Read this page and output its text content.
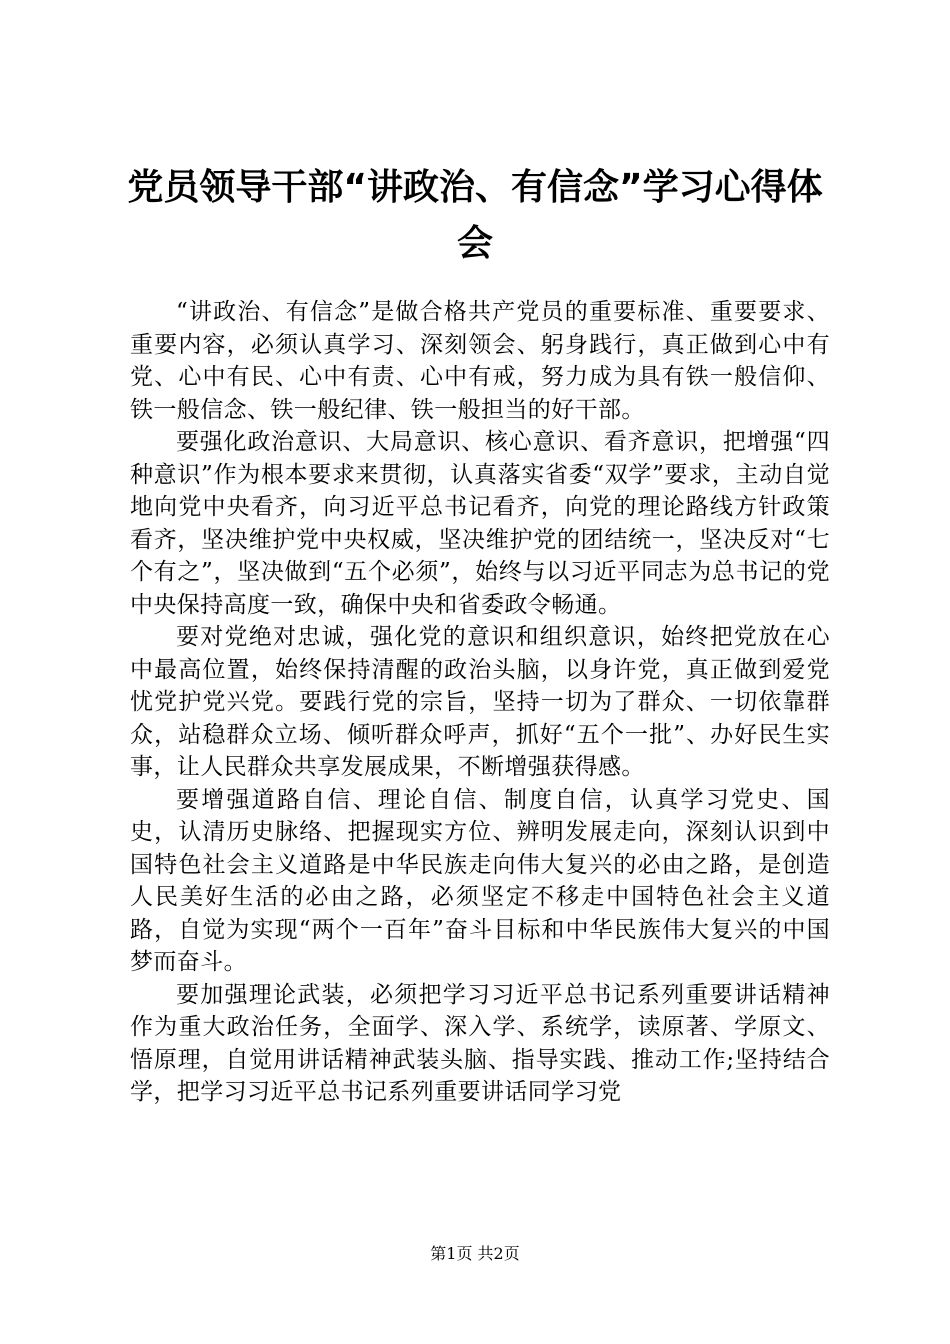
党员领导干部“讲政治、有信念”学习心得体会

“讲政治、有信念”是做合格共产党员的重要标准、重要要求、重要内容，必须认真学习、深刻领会、躬身践行，真正做到心中有党、心中有民、心中有责、心中有戒，努力成为具有铁一般信仰、铁一般信念、铁一般纪律、铁一般担当的好干部。

要强化政治意识、大局意识、核心意识、看齐意识，把增强“四种意识”作为根本要求来贯彻，认真落实省委“双学”要求，主动自觉地向党中央看齐，向习近平总书记看齐，向党的理论路线方针政策看齐，坚决维护党中央权威，坚决维护党的团结统一，坚决反对“七个有之”，坚决做到“五个必须”，始终与以习近平同志为总书记的党中央保持高度一致，确保中央和省委政令畅通。

要对党绝对忠诚，强化党的意识和组织意识，始终把党放在心中最高位置，始终保持清醒的政治头脑，以身许党，真正做到爱党忧党护党兴党。要践行党的宗旨，坚持一切为了群众、一切依靠群众，站稳群众立场、倾听群众呼声，抓好“五个一批”、办好民生实事，让人民群众共享发展成果，不断增强获得感。

要增强道路自信、理论自信、制度自信，认真学习党史、国史，认清历史脉络、把握现实方位、辨明发展走向，深刻认识到中国特色社会主义道路是中华民族走向伟大复兴的必由之路，是创造人民美好生活的必由之路，必须坚定不移走中国特色社会主义道路，自觉为实现“两个一百年”奋斗目标和中华民族伟大复兴的中国梦而奋斗。

要加强理论武装，必须把学习习近平总书记系列重要讲话精神作为重大政治任务，全面学、深入学、系统学，读原著、学原文、悟原理，自觉用讲话精神武装头脑、指导实践、推动工作;坚持结合学，把学习习近平总书记系列重要讲话同学习党

第1页 共2页
